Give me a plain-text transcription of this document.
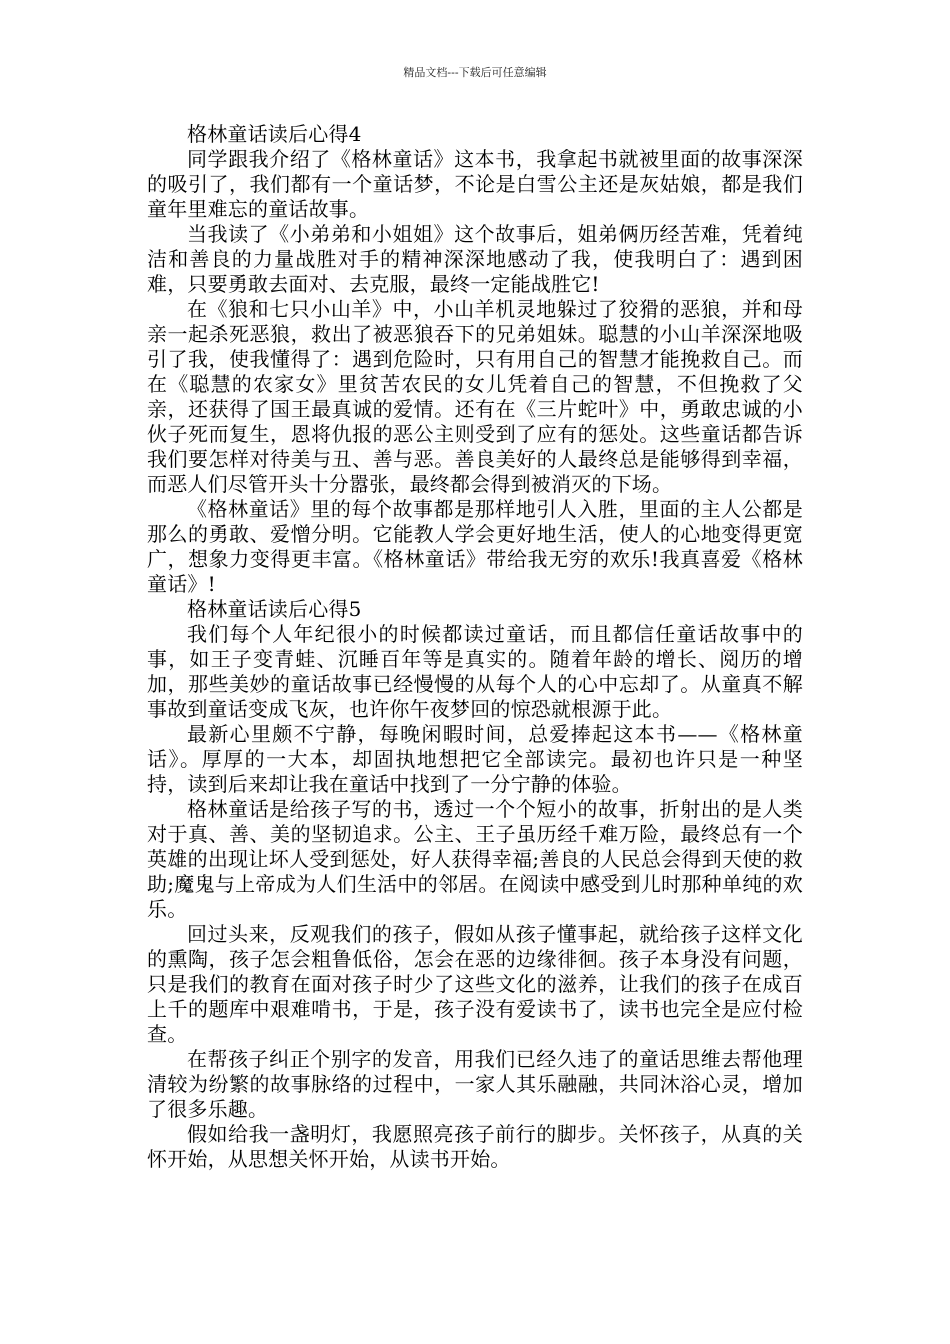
精品文档---下载后可任意编辑

格林童话读后心得4

同学跟我介绍了《格林童话》这本书，我拿起书就被里面的故事深深的吸引了，我们都有一个童话梦，不论是白雪公主还是灰姑娘，都是我们童年里难忘的童话故事。

当我读了《小弟弟和小姐姐》这个故事后，姐弟俩历经苦难，凭着纯洁和善良的力量战胜对手的精神深深地感动了我，使我明白了：遇到困难，只要勇敢去面对、去克服，最终一定能战胜它!

在《狼和七只小山羊》中，小山羊机灵地躲过了狡猾的恶狼，并和母亲一起杀死恶狼，救出了被恶狼吞下的兄弟姐妹。聪慧的小山羊深深地吸引了我，使我懂得了：遇到危险时，只有用自己的智慧才能挽救自己。而在《聪慧的农家女》里贫苦农民的女儿凭着自己的智慧，不但挽救了父亲，还获得了国王最真诚的爱情。还有在《三片蛇叶》中，勇敢忠诚的小伙子死而复生，恩将仇报的恶公主则受到了应有的惩处。这些童话都告诉我们要怎样对待美与丑、善与恶。善良美好的人最终总是能够得到幸福，而恶人们尽管开头十分嚣张，最终都会得到被消灭的下场。

《格林童话》里的每个故事都是那样地引人入胜，里面的主人公都是那么的勇敢、爱憎分明。它能教人学会更好地生活，使人的心地变得更宽广，想象力变得更丰富。《格林童话》带给我无穷的欢乐!我真喜爱《格林童话》!

格林童话读后心得5

我们每个人年纪很小的时候都读过童话，而且都信任童话故事中的事，如王子变青蛙、沉睡百年等是真实的。随着年龄的增长、阅历的增加，那些美妙的童话故事已经慢慢的从每个人的心中忘却了。从童真不解事故到童话变成飞灰，也许你午夜梦回的惊恐就根源于此。

最新心里颇不宁静，每晚闲暇时间，总爱捧起这本书——《格林童话》。厚厚的一大本，却固执地想把它全部读完。最初也许只是一种坚持，读到后来却让我在童话中找到了一分宁静的体验。

格林童话是给孩子写的书，透过一个个短小的故事，折射出的是人类对于真、善、美的坚韧追求。公主、王子虽历经千难万险，最终总有一个英雄的出现让坏人受到惩处，好人获得幸福;善良的人民总会得到天使的救助;魔鬼与上帝成为人们生活中的邻居。在阅读中感受到儿时那种单纯的欢乐。

回过头来，反观我们的孩子，假如从孩子懂事起，就给孩子这样文化的熏陶，孩子怎会粗鲁低俗，怎会在恶的边缘徘徊。孩子本身没有问题，只是我们的教育在面对孩子时少了这些文化的滋养，让我们的孩子在成百上千的题库中艰难啃书，于是，孩子没有爱读书了，读书也完全是应付检查。

在帮孩子纠正个别字的发音，用我们已经久违了的童话思维去帮他理清较为纷繁的故事脉络的过程中，一家人其乐融融，共同沐浴心灵，增加了很多乐趣。

假如给我一盏明灯，我愿照亮孩子前行的脚步。关怀孩子，从真的关怀开始，从思想关怀开始，从读书开始。
